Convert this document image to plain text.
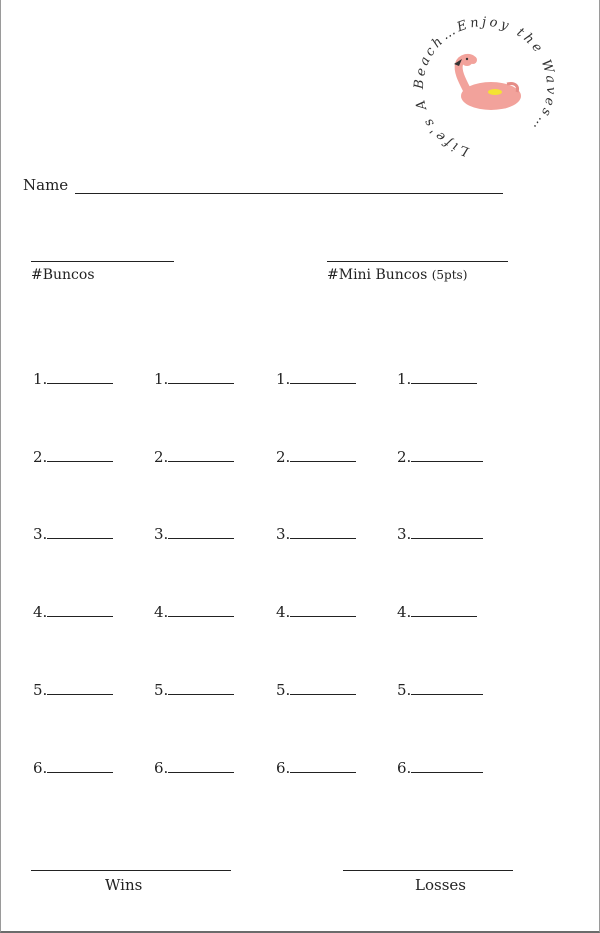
Life's A Beach…Enjoy the Waves…
Name
#Buncos	#Mini Buncos (5pts)
1.
2.
3.
4.
5.
6.
1.
2.
3.
4.
5.
6.
1.
2.
3.
4.
5.
6.
1.
2.
3.
4.
5.
6.
Wins	Losses
